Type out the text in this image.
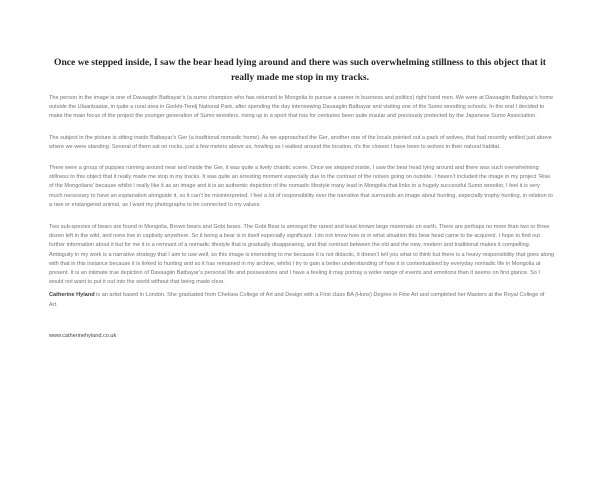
Once we stepped inside, I saw the bear head lying around and there was such overwhelming stillness to this object that it really made me stop in my tracks.

The person in the image is one of Davaagiin Batbayar’s (a sumo champion who has returned to Mongolia to pursue a career in business and politics) right hand men. We were at Davaagiin Batbayar’s home outside the Ulaanbaatar, in quite a rural area in Gorkhi-Terelj National Park, after spending the day interviewing Davaagiin Batbayar and visiting one of the Sumo wrestling schools. In the end I decided to make the main focus of the project the younger generation of Sumo wrestlers, rising up in a sport that has for centuries been quite insular and preciously protected by the Japanese Sumo Association.

The subject in the picture is sitting inside Batbayar’s Ger (a traditional nomadic home). As we approached the Ger, another one of the locals pointed out a pack of wolves, that had recently settled just above where we were standing. Several of them sat on rocks, just a few meters above us, howling as I walked around the location, it’s the closest I have been to wolves in their natural habitat.

There were a group of puppies running around near and inside the Ger, it was quite a lively chaotic scene. Once we stepped inside, I saw the bear head lying around and there was such overwhelming stillness to this object that it really made me stop in my tracks. It was quite an arresting moment especially due to the contrast of the noises going on outside. I haven’t included the image in my project ‘Rise of the Mongolians’ because whilst I really like it as an image and it is an authentic depiction of the nomadic lifestyle many lead in Mongolia that links to a hugely successful Sumo wrestler, I feel it is very much necessary to have an explanation alongside it, so it can’t be misinterpreted. I feel a lot of responsibility over the narrative that surrounds an image about hunting, especially trophy hunting, in relation to a rare or endangered animal, as I want my photographs to be connected to my values.

Two sub-species of bears are found in Mongolia, Brown bears and Gobi bears. The Gobi Bear is amongst the rarest and least known large mammals on earth. There are perhaps no more than two or three dozen left in the wild, and none live in captivity anywhere. So it being a bear is in itself especially significant. I do not know how or in what situation this bear head came to be acquired. I hope to find out further information about it but for me it is a remnant of a nomadic lifestyle that is gradually disappearing, and that contrast between the old and the new, modern and traditional makes it compelling. Ambiguity in my work is a narrative strategy that I aim to use well, so this image is interesting to me because it is not didactic, it doesn’t tell you what to think but there is a heavy responsibility that goes along with that in this instance because it is linked to hunting and so it has remained in my archive, whilst I try to gain a better understanding of how it is contextualised by everyday nomadic life in Mongolia at present. It is an intimate true depiction of Davaagiin Batbayar’s personal life and possessions and I have a feeling it may portray a wider range of events and emotions than it seems on first glance. So I would not want to put it out into the world without that being made clear.

Catherine Hyland is an artist based in London. She graduated from Chelsea College of Art and Design with a First class BA (Hons) Degree in Fine Art and completed her Masters at the Royal College of Art.

www.catherinehyland.co.uk
